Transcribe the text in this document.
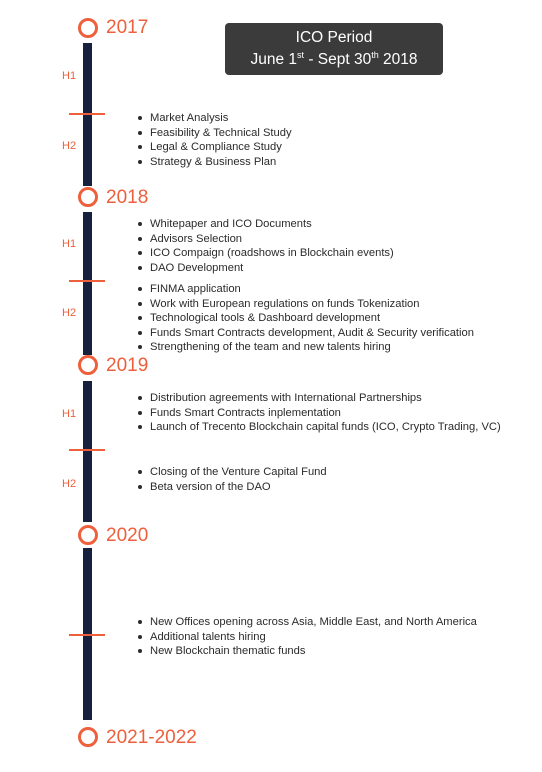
ICO Period
June 1st - Sept 30th 2018
2017
2018
2019
2020
2021-2022
H1
H2
H1
H2
H1
H2
Market Analysis
Feasibility & Technical Study
Legal & Compliance Study
Strategy & Business Plan
Whitepaper and ICO Documents
Advisors Selection
ICO Compaign (roadshows in Blockchain events)
DAO Development
FINMA application
Work with European regulations on funds Tokenization
Technological tools & Dashboard development
Funds Smart Contracts development, Audit & Security verification
Strengthening of the team and new talents hiring
Distribution agreements with International Partnerships
Funds Smart Contracts inplementation
Launch of Trecento Blockchain capital funds (ICO, Crypto Trading, VC)
Closing of the Venture Capital Fund
Beta version of the DAO
New Offices opening across Asia, Middle East, and North America
Additional talents hiring
New Blockchain thematic funds
